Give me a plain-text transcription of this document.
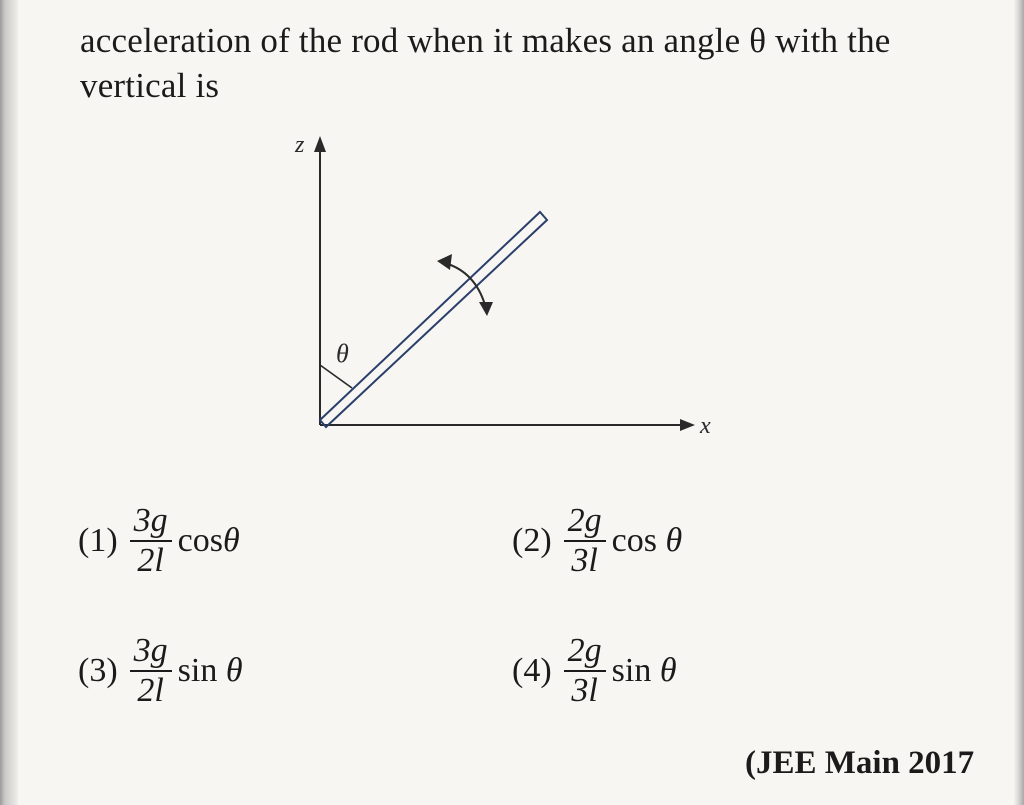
acceleration of the rod when it makes an angle θ with the vertical is
z
x
θ
$(1) \frac{3g}{2l}$ cos θ	$(2) \frac{2g}{3l}$ cos
θ
$(3) \frac{3g}{2l}$ sin
θ	$(4) \frac{2g}{3l}$ sin
θ
(JEE Main 2017
